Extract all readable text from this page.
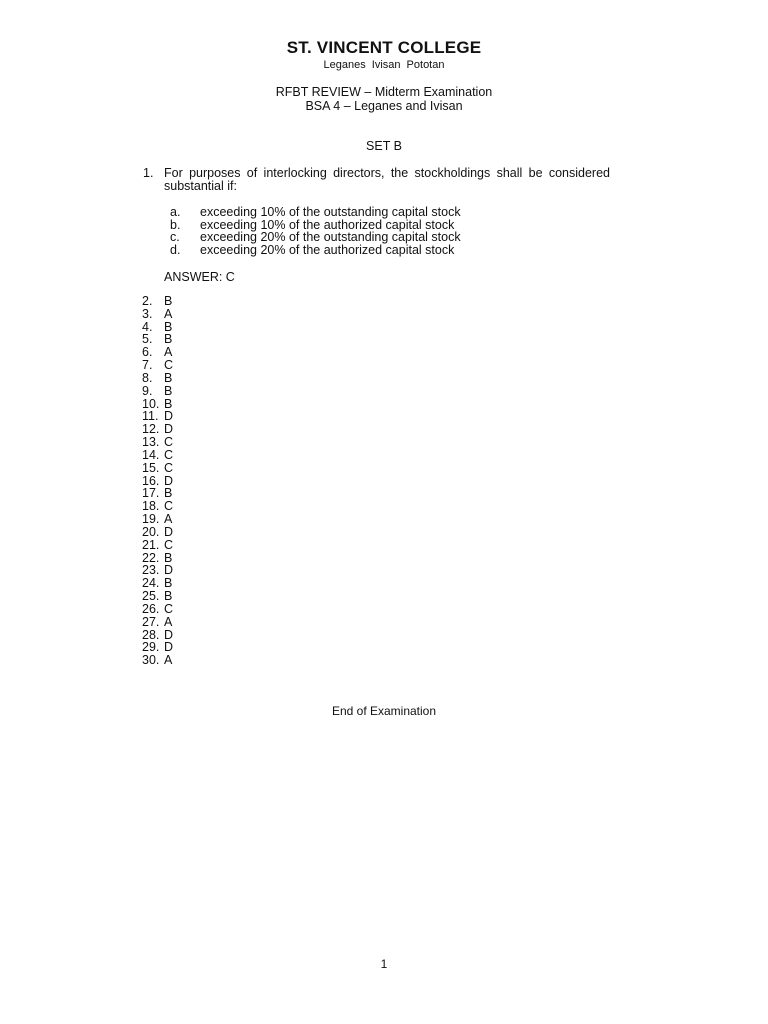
ST. VINCENT COLLEGE
Leganes Ivisan Pototan
RFBT REVIEW – Midterm Examination
BSA 4 – Leganes and Ivisan
SET B
1. For purposes of interlocking directors, the stockholdings shall be considered substantial if:
a.	exceeding 10% of the outstanding capital stock
b.	exceeding 10% of the authorized capital stock
c.	exceeding 20% of the outstanding capital stock
d.	exceeding 20% of the authorized capital stock
ANSWER: C
2. B
3. A
4. B
5. B
6. A
7. C
8. B
9. B
10. B
11. D
12. D
13. C
14. C
15. C
16. D
17. B
18. C
19. A
20. D
21. C
22. B
23. D
24. B
25. B
26. C
27. A
28. D
29. D
30. A
End of Examination
1
